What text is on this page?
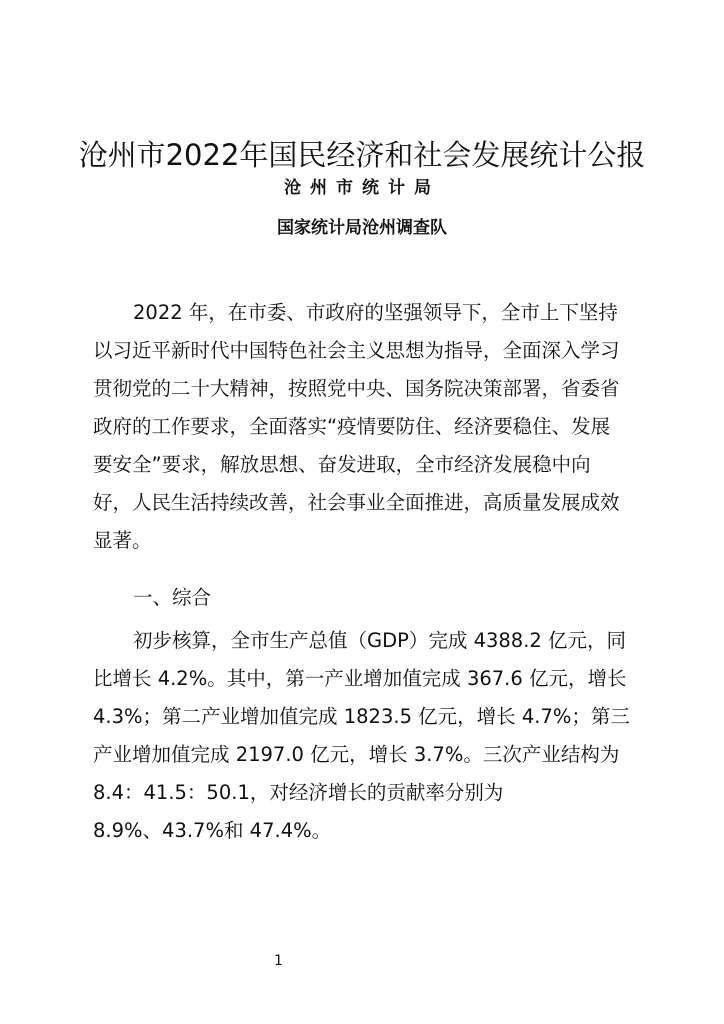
沧州市2022年国民经济和社会发展统计公报
沧州市统计局
国家统计局沧州调查队
2022 年，在市委、市政府的坚强领导下，全市上下坚持
以习近平新时代中国特色社会主义思想为指导，全面深入学习
贯彻党的二十大精神，按照党中央、国务院决策部署，省委省
政府的工作要求，全面落实“疫情要防住、经济要稳住、发展
要安全”要求，解放思想、奋发进取，全市经济发展稳中向
好，人民生活持续改善，社会事业全面推进，高质量发展成效
显著。
一、综合
初步核算，全市生产总值（GDP）完成 4388.2 亿元，同
比增长 4.2%。其中，第一产业增加值完成 367.6 亿元，增长
4.3%；第二产业增加值完成 1823.5 亿元，增长 4.7%；第三
产业增加值完成 2197.0 亿元，增长 3.7%。三次产业结构为
8.4：41.5：50.1，对经济增长的贡献率分别为
8.9%、43.7%和 47.4%。
1
